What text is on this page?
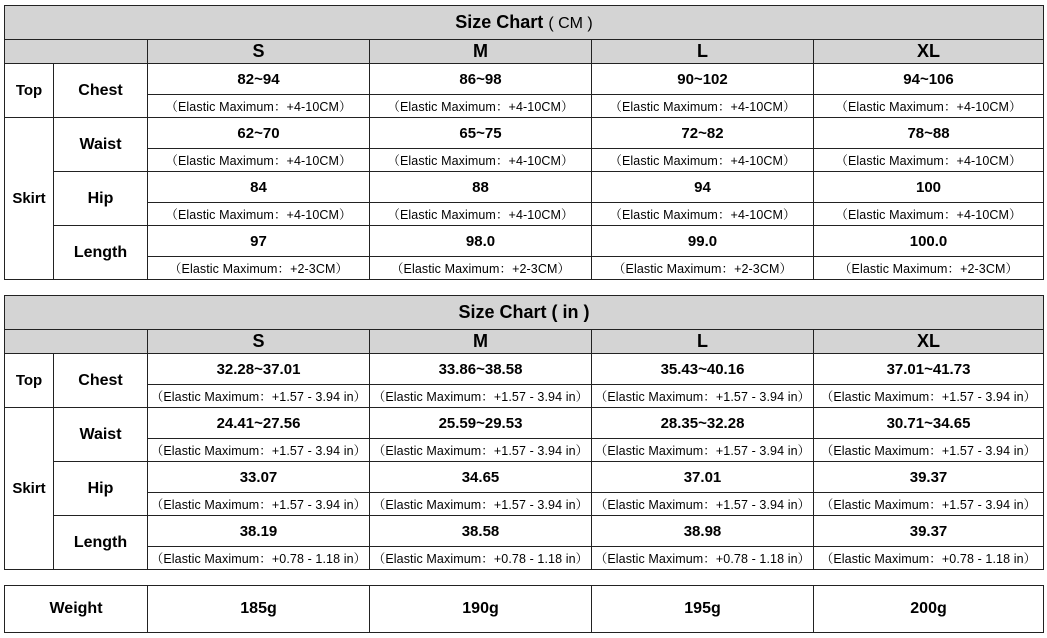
Size Chart ( CM )					
		S	M	L	XL
Top	Chest	82~94	86~98	90~102	94~106
		（Elastic Maximum：+4-10CM）	（Elastic Maximum：+4-10CM）	（Elastic Maximum：+4-10CM）	（Elastic Maximum：+4-10CM）
Skirt	Waist	62~70	65~75	72~82	78~88
		（Elastic Maximum：+4-10CM）	（Elastic Maximum：+4-10CM）	（Elastic Maximum：+4-10CM）	（Elastic Maximum：+4-10CM）
	Hip	84	88	94	100
		（Elastic Maximum：+4-10CM）	（Elastic Maximum：+4-10CM）	（Elastic Maximum：+4-10CM）	（Elastic Maximum：+4-10CM）
	Length	97	98.0	99.0	100.0
		（Elastic Maximum：+2-3CM）	（Elastic Maximum：+2-3CM）	（Elastic Maximum：+2-3CM）	（Elastic Maximum：+2-3CM）
Size Chart ( in )					
		S	M	L	XL
Top	Chest	32.28~37.01	33.86~38.58	35.43~40.16	37.01~41.73
		（Elastic Maximum：+1.57 - 3.94 in）	（Elastic Maximum：+1.57 - 3.94 in）	（Elastic Maximum：+1.57 - 3.94 in）	（Elastic Maximum：+1.57 - 3.94 in）
Skirt	Waist	24.41~27.56	25.59~29.53	28.35~32.28	30.71~34.65
		（Elastic Maximum：+1.57 - 3.94 in）	（Elastic Maximum：+1.57 - 3.94 in）	（Elastic Maximum：+1.57 - 3.94 in）	（Elastic Maximum：+1.57 - 3.94 in）
	Hip	33.07	34.65	37.01	39.37
		（Elastic Maximum：+1.57 - 3.94 in）	（Elastic Maximum：+1.57 - 3.94 in）	（Elastic Maximum：+1.57 - 3.94 in）	（Elastic Maximum：+1.57 - 3.94 in）
	Length	38.19	38.58	38.98	39.37
		（Elastic Maximum：+0.78 - 1.18 in）	（Elastic Maximum：+0.78 - 1.18 in）	（Elastic Maximum：+0.78 - 1.18 in）	（Elastic Maximum：+0.78 - 1.18 in）
Weight	185g	190g	195g	200g
